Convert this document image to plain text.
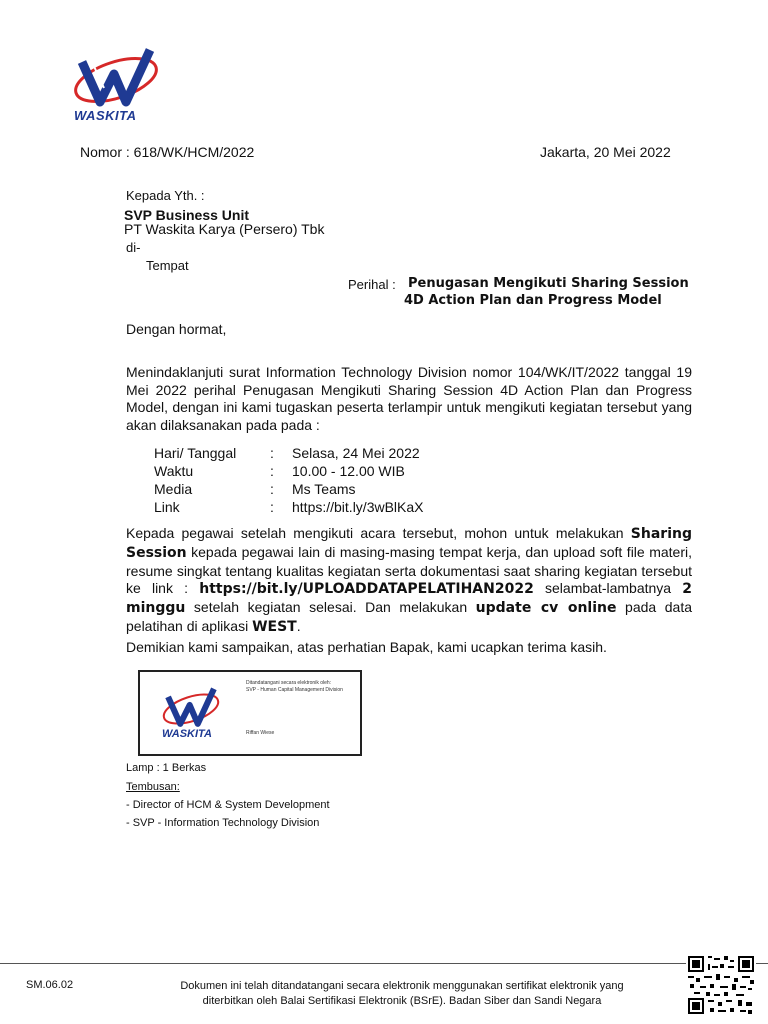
WASKITA
Nomor : 618/WK/HCM/2022	Jakarta, 20 Mei 2022
Kepada Yth. :
SVP Business Unit
PT Waskita Karya (Persero) Tbk
di-
Tempat
Perihal : Penugasan Mengikuti Sharing Session
4D Action Plan dan Progress Model
Dengan hormat,
Menindaklanjuti surat Information Technology Division nomor 104/WK/IT/2022 tanggal 19 Mei 2022 perihal Penugasan Mengikuti Sharing Session 4D Action Plan dan Progress Model, dengan ini kami tugaskan peserta terlampir untuk mengikuti kegiatan tersebut yang akan dilaksanakan pada pada :
Hari/ Tanggal : Selasa, 24 Mei 2022
Waktu	: 10.00 - 12.00 WIB
Media	: Ms Teams
Link	: https://bit.ly/3wBlKaX
Kepada pegawai setelah mengikuti acara tersebut, mohon untuk melakukan Sharing Session kepada pegawai lain di masing-masing tempat kerja, dan upload soft file materi, resume singkat tentang kualitas kegiatan serta dokumentasi saat sharing kegiatan tersebut ke link : https://bit.ly/UPLOADDATAPELATIHAN2022 selambat-lambatnya 2 minggu setelah kegiatan selesai. Dan melakukan update cv online pada data pelatihan di aplikasi WEST.
Demikian kami sampaikan, atas perhatian Bapak, kami ucapkan terima kasih.
WASKITA
Ditandatangani secara elektronik oleh:
SVP - Human Capital Management Division
Riffan Wiese
Lamp : 1 Berkas
Tembusan:
- Director of HCM & System Development
- SVP - Information Technology Division
SM.06.02	Dokumen ini telah ditandatangani secara elektronik menggunakan sertifikat elektronik yang
diterbitkan oleh Balai Sertifikasi Elektronik (BSrE). Badan Siber dan Sandi Negara
